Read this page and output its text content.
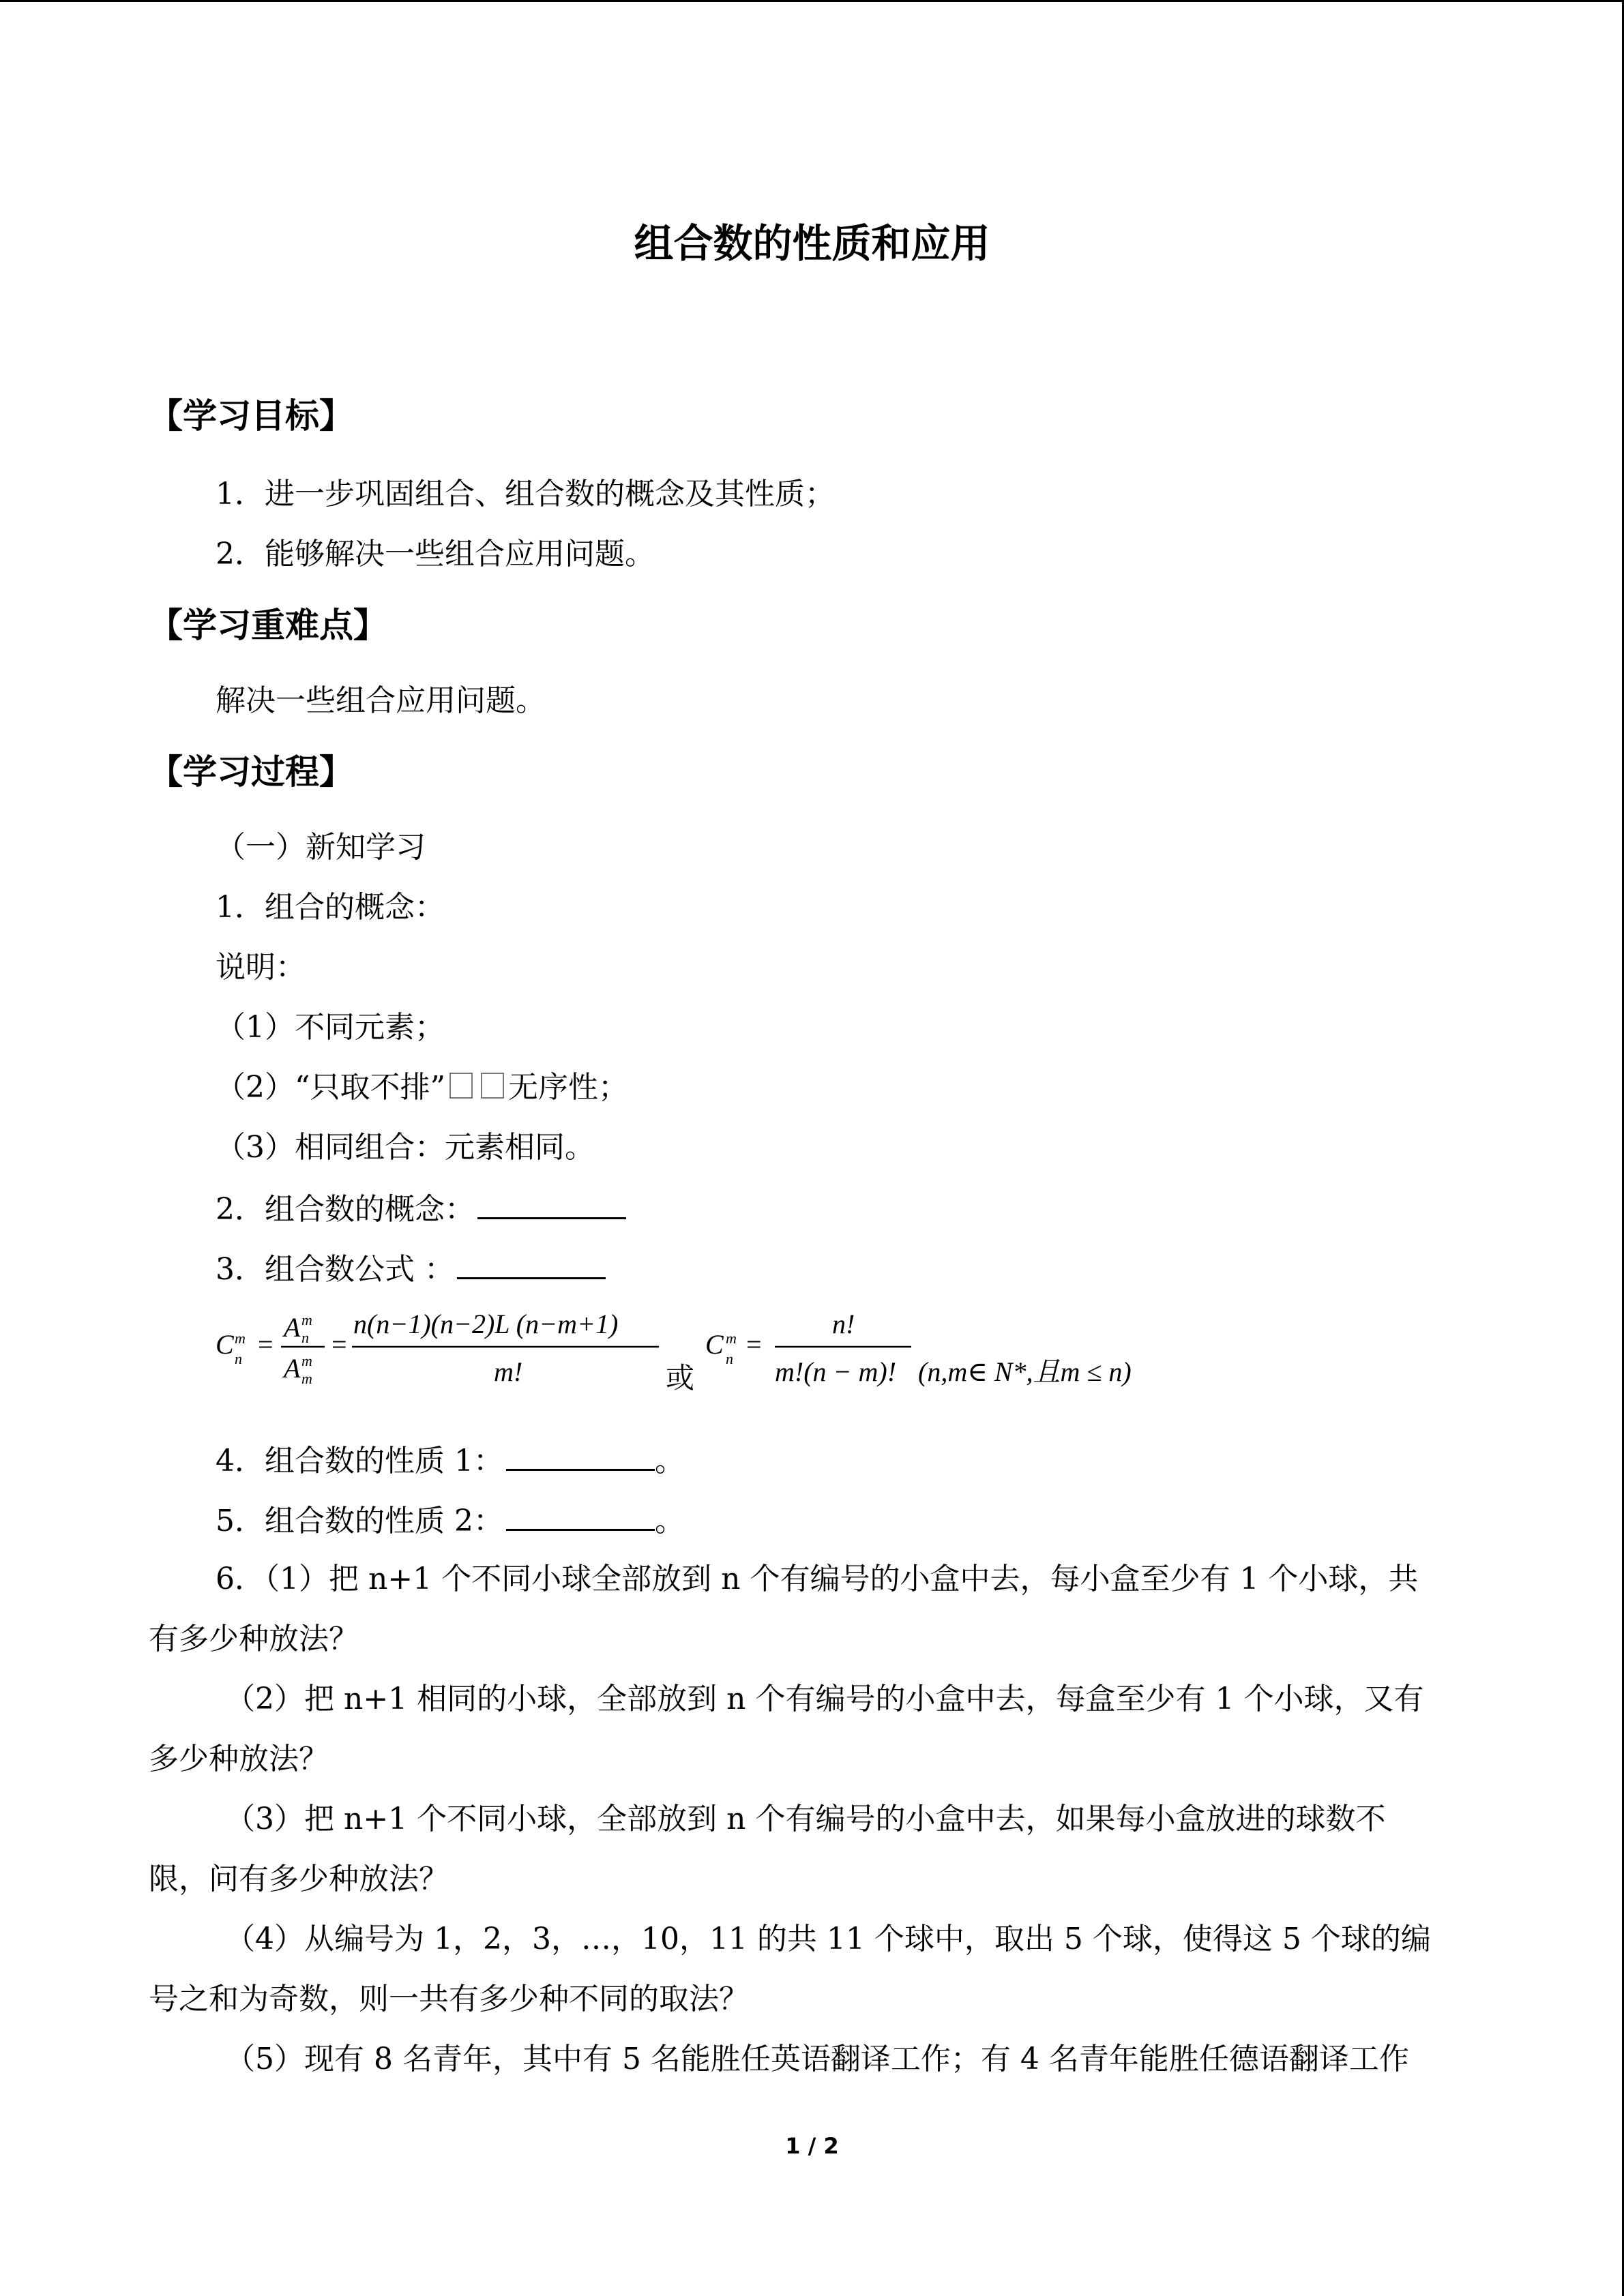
组合数的性质和应用
【学习目标】
1．进一步巩固组合、组合数的概念及其性质；
2．能够解决一些组合应用问题。
【学习重难点】
解决一些组合应用问题。
【学习过程】
（一）新知学习
1．组合的概念：
说明：
（1）不同元素；
（2）“只取不排” 无序性；
（3）相同组合：元素相同。
2．组合数的概念：
3．组合数公式 ：
C m
n =
A m
n
A m
m
=
n(n−1)(n−2)L (n−m+1)
m!	或
C m
n =
n!
m!(n − m)! (n,m∈ N*,且m ≤ n)
4．组合数的性质 1：	。
5．组合数的性质 2：	。
6．（1）把 n+1 个不同小球全部放到 n 个有编号的小盒中去，每小盒至少有 1 个小球，共
有多少种放法？
（2）把 n+1 相同的小球，全部放到 n 个有编号的小盒中去，每盒至少有 1 个小球，又有
多少种放法？
（3）把 n+1 个不同小球，全部放到 n 个有编号的小盒中去，如果每小盒放进的球数不
限，问有多少种放法？
（4）从编号为 1，2，3，…，10，11 的共 11 个球中，取出 5 个球，使得这 5 个球的编
号之和为奇数，则一共有多少种不同的取法？
（5）现有 8 名青年，其中有 5 名能胜任英语翻译工作；有 4 名青年能胜任德语翻译工作
1 / 2
